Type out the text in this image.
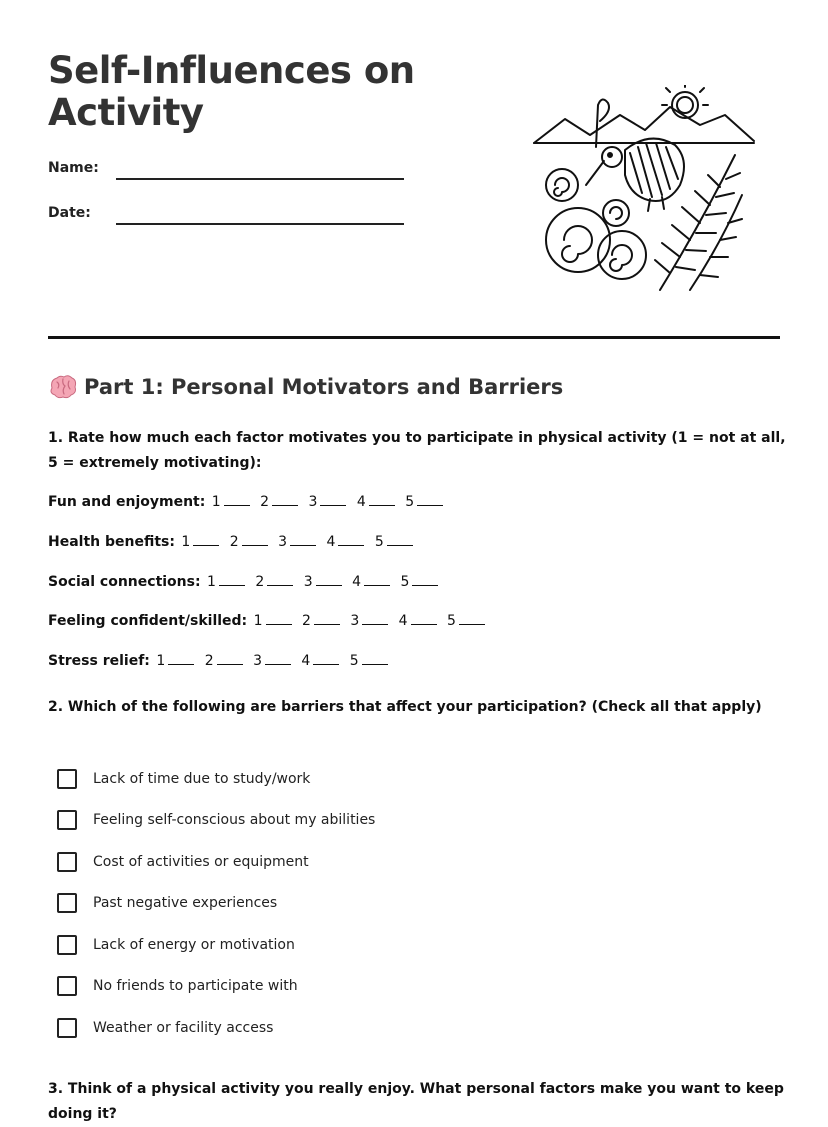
Self-Influences on Activity
Name:
Date:
Part 1: Personal Motivators and Barriers
1. Rate how much each factor motivates you to participate in physical activity (1 = not at all, 5 = extremely motivating):
Fun and enjoyment: 1	2	3	4	5
Health benefits: 1	2	3	4	5
Social connections: 1	2	3	4	5
Feeling confident/skilled: 1	2	3	4	5
Stress relief: 1	2	3	4	5
2. Which of the following are barriers that affect your participation? (Check all that apply)
Lack of time due to study/work
Feeling self-conscious about my abilities
Cost of activities or equipment
Past negative experiences
Lack of energy or motivation
No friends to participate with
Weather or facility access
3. Think of a physical activity you really enjoy. What personal factors make you want to keep doing it?
